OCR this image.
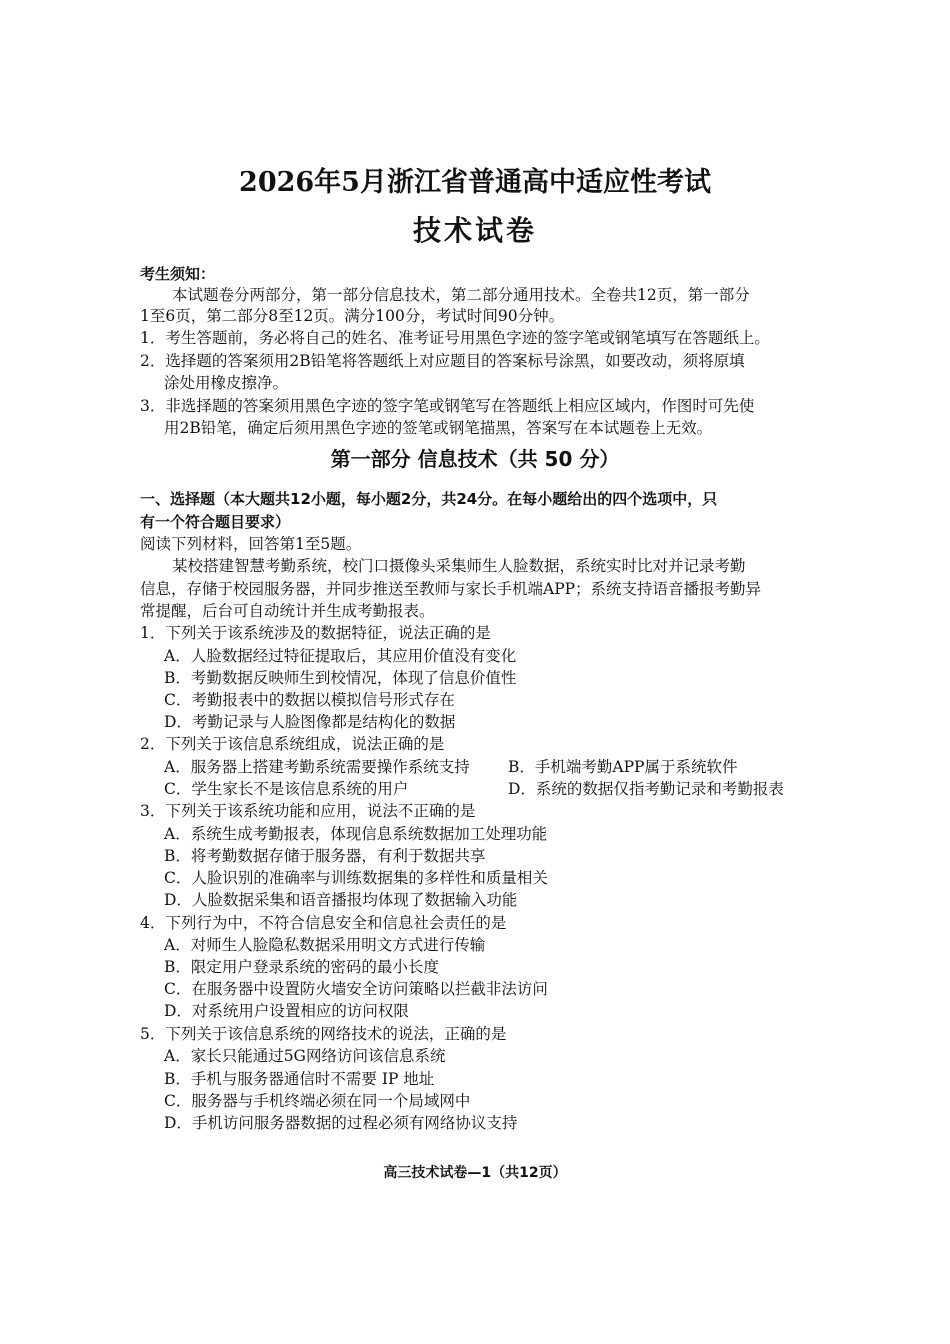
2026年5月浙江省普通高中适应性考试
技术试卷
考生须知：
本试题卷分两部分，第一部分信息技术，第二部分通用技术。全卷共12页，第一部分
1至6页，第二部分8至12页。满分100分，考试时间90分钟。
1．考生答题前，务必将自己的姓名、准考证号用黑色字迹的签字笔或钢笔填写在答题纸上。
2．选择题的答案须用2B铅笔将答题纸上对应题目的答案标号涂黑，如要改动，须将原填
涂处用橡皮擦净。
3．非选择题的答案须用黑色字迹的签字笔或钢笔写在答题纸上相应区域内，作图时可先使
用2B铅笔，确定后须用黑色字迹的签笔或钢笔描黑，答案写在本试题卷上无效。
第一部分 信息技术（共 50 分）
一、选择题（本大题共12小题，每小题2分，共24分。在每小题给出的四个选项中，只
有一个符合题目要求）
阅读下列材料，回答第1至5题。
某校搭建智慧考勤系统，校门口摄像头采集师生人脸数据，系统实时比对并记录考勤
信息，存储于校园服务器，并同步推送至教师与家长手机端APP；系统支持语音播报考勤异
常提醒，后台可自动统计并生成考勤报表。
1．下列关于该系统涉及的数据特征，说法正确的是
A．人脸数据经过特征提取后，其应用价值没有变化
B．考勤数据反映师生到校情况，体现了信息价值性
C．考勤报表中的数据以模拟信号形式存在
D．考勤记录与人脸图像都是结构化的数据
2．下列关于该信息系统组成，说法正确的是
A．服务器上搭建考勤系统需要操作系统支持 B．手机端考勤APP属于系统软件
C．学生家长不是该信息系统的用户	D．系统的数据仅指考勤记录和考勤报表
3．下列关于该系统功能和应用，说法不正确的是
A．系统生成考勤报表，体现信息系统数据加工处理功能
B．将考勤数据存储于服务器，有利于数据共享
C．人脸识别的准确率与训练数据集的多样性和质量相关
D．人脸数据采集和语音播报均体现了数据输入功能
4．下列行为中，不符合信息安全和信息社会责任的是
A．对师生人脸隐私数据采用明文方式进行传输
B．限定用户登录系统的密码的最小长度
C．在服务器中设置防火墙安全访问策略以拦截非法访问
D．对系统用户设置相应的访问权限
5．下列关于该信息系统的网络技术的说法，正确的是
A．家长只能通过5G网络访问该信息系统
B．手机与服务器通信时不需要 IP 地址
C．服务器与手机终端必须在同一个局域网中
D．手机访问服务器数据的过程必须有网络协议支持
高三技术试卷—1（共12页）
